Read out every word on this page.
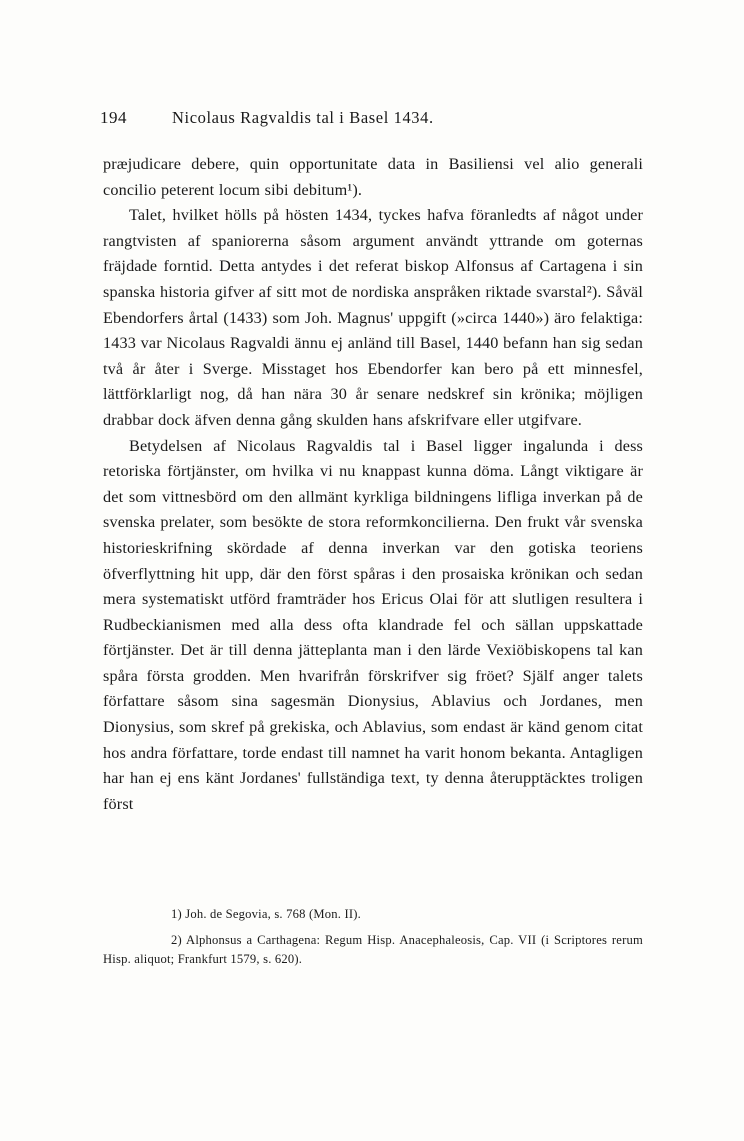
194	Nicolaus Ragvaldis tal i Basel 1434.

præjudicare debere, quin opportunitate data in Basiliensi vel alio generali concilio peterent locum sibi debitum¹).

Talet, hvilket hölls på hösten 1434, tyckes hafva föranledts af något under rangtvisten af spaniorerna såsom argument användt yttrande om goternas fräjdade forntid. Detta antydes i det referat biskop Alfonsus af Cartagena i sin spanska historia gifver af sitt mot de nordiska anspråken riktade svarstal²). Såväl Ebendorfers årtal (1433) som Joh. Magnus' uppgift (»circa 1440») äro felaktiga: 1433 var Nicolaus Ragvaldi ännu ej anländ till Basel, 1440 befann han sig sedan två år åter i Sverge. Misstaget hos Ebendorfer kan bero på ett minnesfel, lättförklarligt nog, då han nära 30 år senare nedskref sin krönika; möjligen drabbar dock äfven denna gång skulden hans afskrifvare eller utgifvare.

Betydelsen af Nicolaus Ragvaldis tal i Basel ligger ingalunda i dess retoriska förtjänster, om hvilka vi nu knappast kunna döma. Långt viktigare är det som vittnesbörd om den allmänt kyrkliga bildningens lifliga inverkan på de svenska prelater, som besökte de stora reformkoncilierna. Den frukt vår svenska historieskrifning skördade af denna inverkan var den gotiska teoriens öfverflyttning hit upp, där den först spåras i den prosaiska krönikan och sedan mera systematiskt utförd framträder hos Ericus Olai för att slutligen resultera i Rudbeckianismen med alla dess ofta klandrade fel och sällan uppskattade förtjänster. Det är till denna jätteplanta man i den lärde Vexiöbiskopens tal kan spåra första grodden. Men hvarifrån förskrifver sig fröet? Själf anger talets författare såsom sina sagesmän Dionysius, Ablavius och Jordanes, men Dionysius, som skref på grekiska, och Ablavius, som endast är känd genom citat hos andra författare, torde endast till namnet ha varit honom bekanta. Antagligen har han ej ens känt Jordanes' fullständiga text, ty denna återupptäcktes troligen först

1) Joh. de Segovia, s. 768 (Mon. II).

2) Alphonsus a Carthagena: Regum Hisp. Anacephaleosis, Cap. VII (i Scriptores rerum Hisp. aliquot; Frankfurt 1579, s. 620).
